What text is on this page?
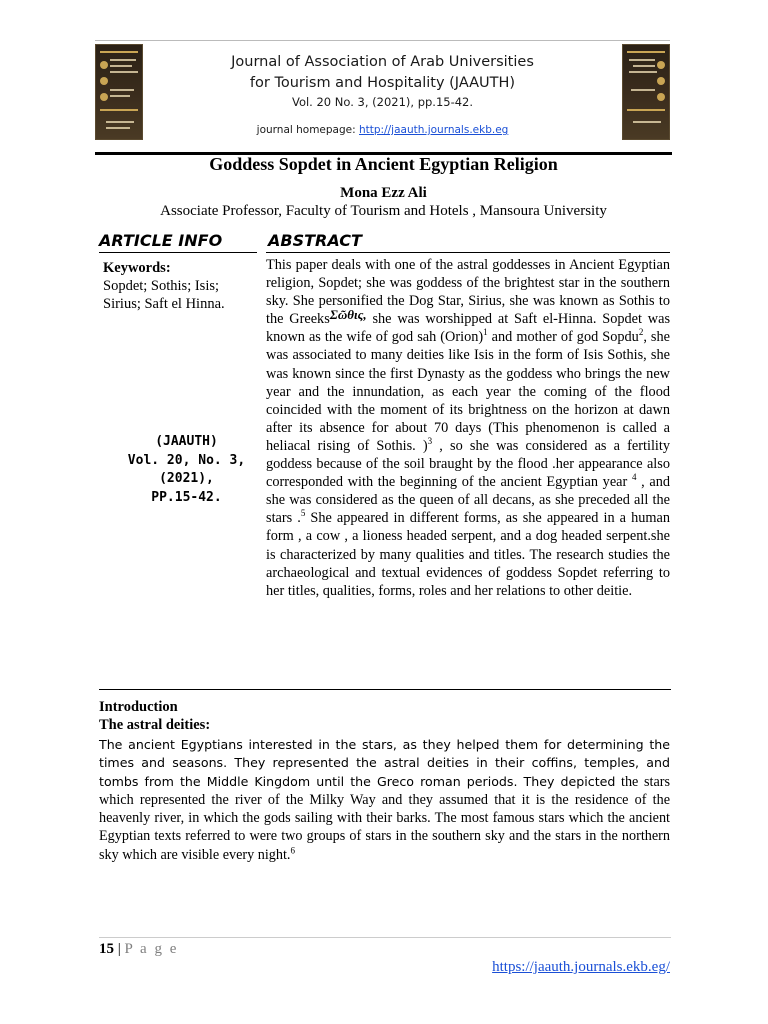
Journal of Association of Arab Universities
for Tourism and Hospitality (JAAUTH)
Vol. 20 No. 3, (2021), pp.15-42.
journal homepage: http://jaauth.journals.ekb.eg
Goddess Sopdet in Ancient Egyptian Religion
Mona Ezz Ali
Associate Professor, Faculty of Tourism and Hotels , Mansoura University
ARTICLE INFO	ABSTRACT
Keywords:
Sopdet; Sothis; Isis; Sirius; Saft el Hinna.
(JAAUTH)
Vol. 20, No. 3,
(2021),
PP.15-42.

This paper deals with one of the astral goddesses in Ancient Egyptian religion, Sopdet; she was goddess of the brightest star in the southern sky. She personified the Dog Star, Sirius, she was known as Sothis to the GreeksΣῶθις, she was worshipped at Saft el-Hinna. Sopdet was known as the wife of god sah (Orion)$^1$ and mother of god Sopdu$^2$, she was associated to many deities like Isis in the form of Isis Sothis, she was known since the first Dynasty as the goddess who brings the new year and the innundation, as each year the coming of the flood coincided with the moment of its brightness on the horizon at dawn after its absence for about 70 days (This phenomenon is called a heliacal rising of Sothis. )$^3$ , so she was considered as a fertility goddess because of the soil braught by the flood .her appearance also corresponded with the beginning of the ancient Egyptian year $^4$ , and she was considered as the queen of all decans, as she preceded all the stars .$^5$ She appeared in different forms, as she appeared in a human form , a cow , a lioness headed serpent, and a dog headed serpent.she is characterized by many qualities and titles. The research studies the archaeological and textual evidences of goddess Sopdet referring to her titles, qualities, forms, roles and her relations to other deitie.

Introduction
The astral deities:

The ancient Egyptians interested in the stars, as they helped them for determining the times and seasons. They represented the astral deities in their coffins, temples, and tombs from the Middle Kingdom until the Greco roman periods. They depicted the stars which represented the river of the Milky Way and they assumed that it is the residence of the heavenly river, in which the gods sailing with their barks. The most famous stars which the ancient Egyptian texts referred to were two groups of stars in the southern sky and the stars in the northern sky which are visible every night.$^6$

15 | P a g e
https://jaauth.journals.ekb.eg/
